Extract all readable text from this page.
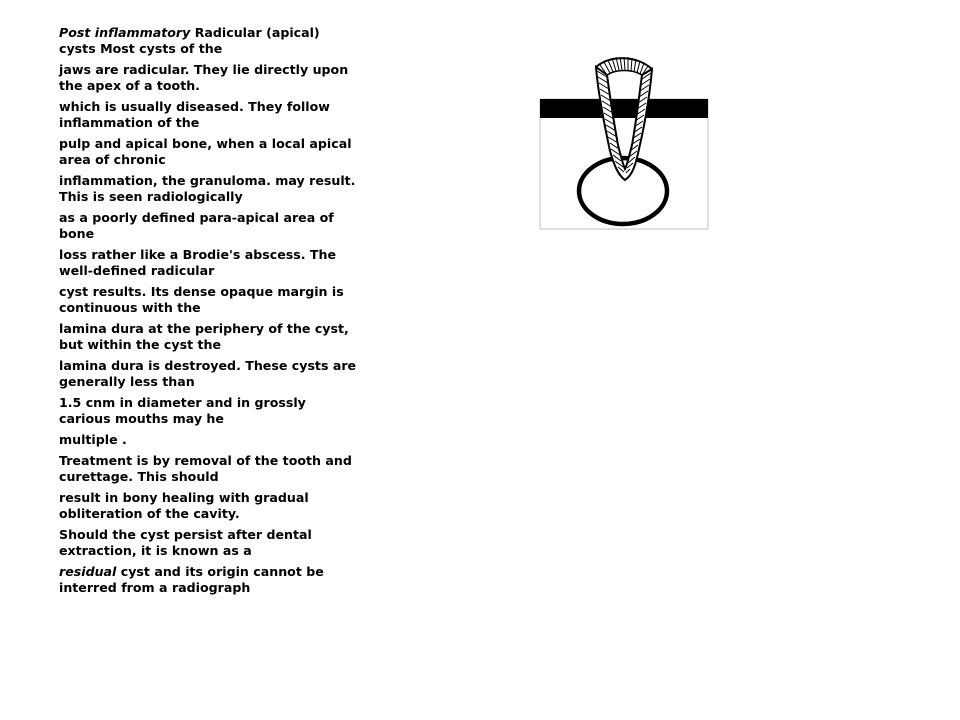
Post inflammatory Radicular (apical) cysts Most cysts of the

jaws are radicular. They lie directly upon the apex of a tooth.

which is usually diseased. They follow inflammation of the

pulp and apical bone, when a local apical area of chronic

inflammation, the granuloma. may result. This is seen radiologically

as a poorly defined para-apical area of bone

loss rather like a Brodie's abscess. The well-defined radicular

cyst results. Its dense opaque margin is continuous with the

lamina dura at the periphery of the cyst, but within the cyst the

lamina dura is destroyed. These cysts are generally less than

1.5 cnm in diameter and in grossly carious mouths may he

multiple .

Treatment is by removal of the tooth and curettage. This should

result in bony healing with gradual obliteration of the cavity.

Should the cyst persist after dental extraction, it is known as a

residual cyst and its origin cannot be interred from a radiograph
